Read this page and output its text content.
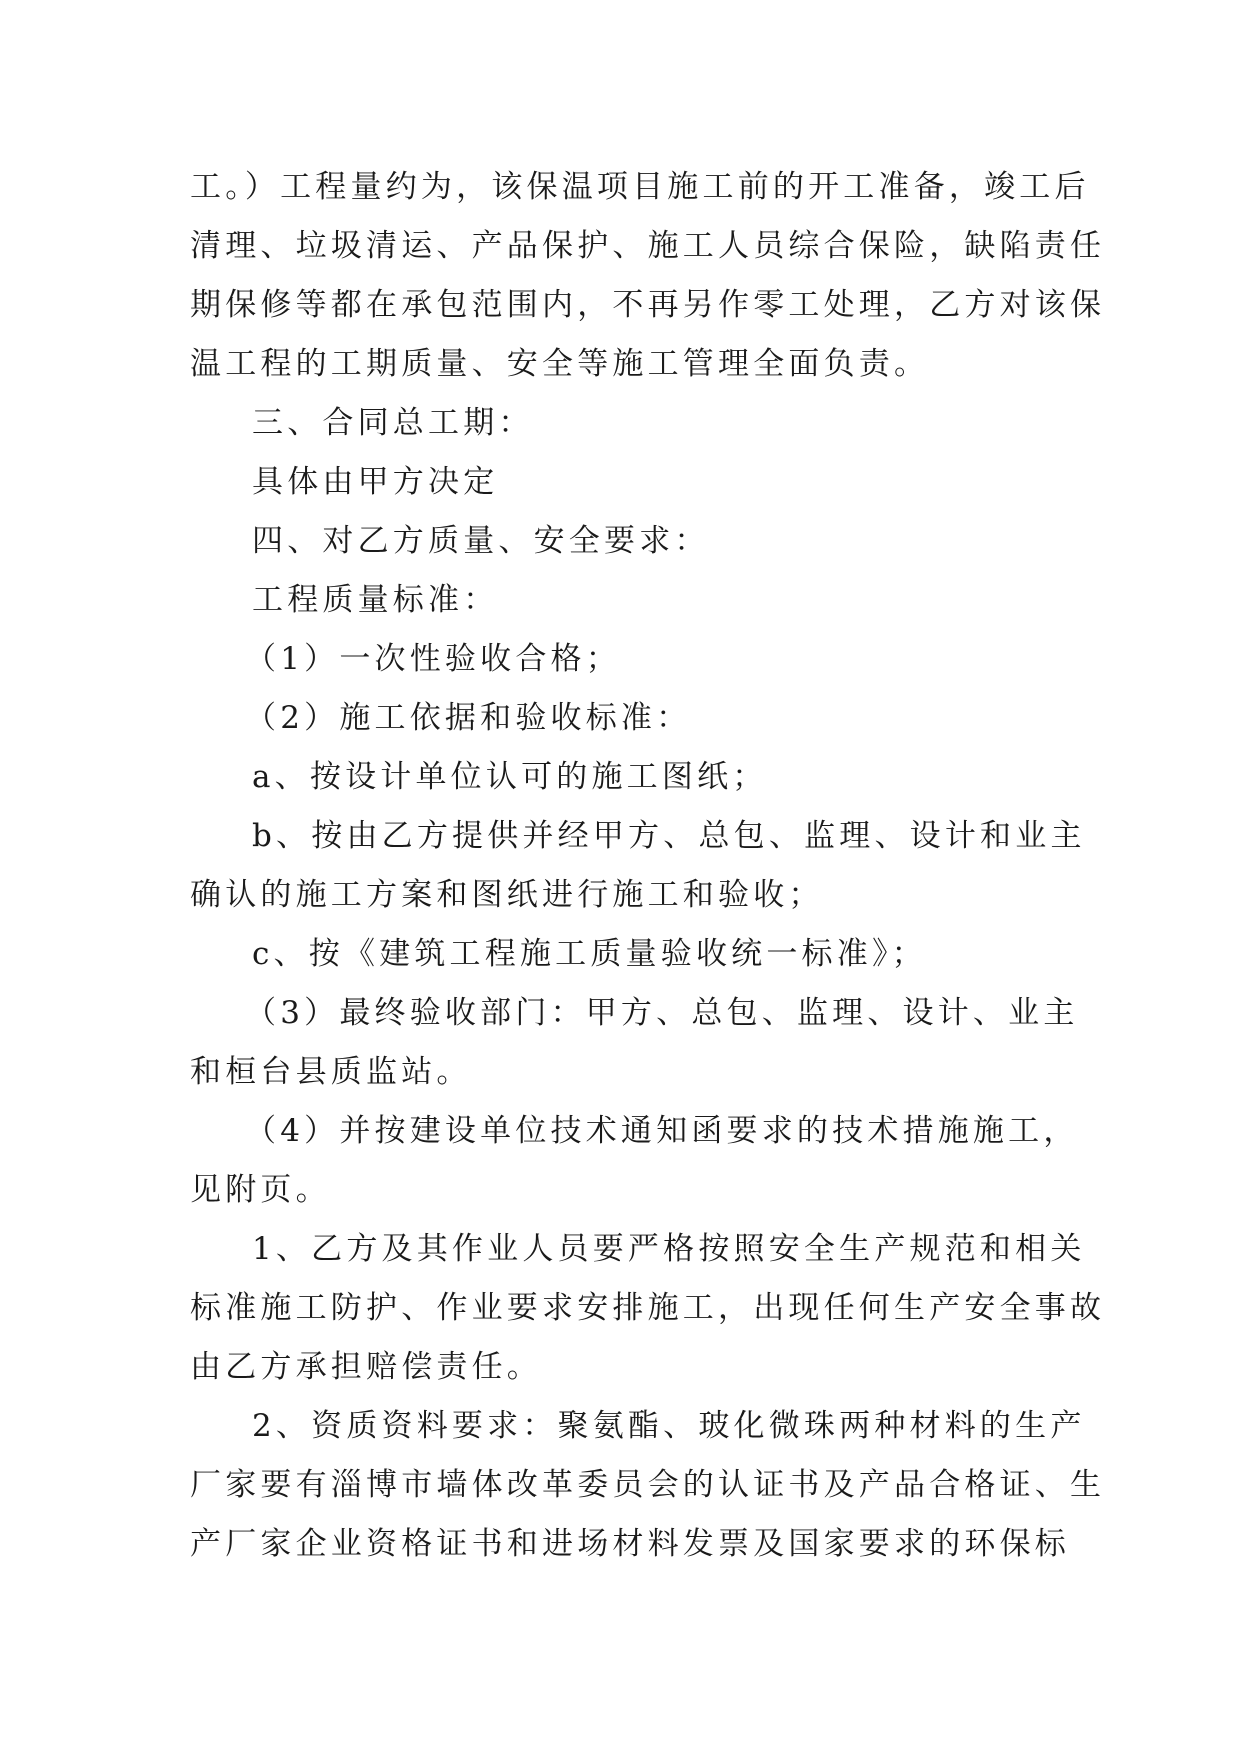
工。）工程量约为，该保温项目施工前的开工准备，竣工后
清理、垃圾清运、产品保护、施工人员综合保险，缺陷责任
期保修等都在承包范围内，不再另作零工处理，乙方对该保
温工程的工期质量、安全等施工管理全面负责。
三、合同总工期：
具体由甲方决定
四、对乙方质量、安全要求：
工程质量标准：
（1）一次性验收合格；
（2）施工依据和验收标准：
a、按设计单位认可的施工图纸；
b、按由乙方提供并经甲方、总包、监理、设计和业主
确认的施工方案和图纸进行施工和验收；
c、按《建筑工程施工质量验收统一标准》；
（3）最终验收部门：甲方、总包、监理、设计、业主
和桓台县质监站。
（4）并按建设单位技术通知函要求的技术措施施工，
见附页。
1、乙方及其作业人员要严格按照安全生产规范和相关
标准施工防护、作业要求安排施工，出现任何生产安全事故
由乙方承担赔偿责任。
2、资质资料要求：聚氨酯、玻化微珠两种材料的生产
厂家要有淄博市墙体改革委员会的认证书及产品合格证、生
产厂家企业资格证书和进场材料发票及国家要求的环保标
